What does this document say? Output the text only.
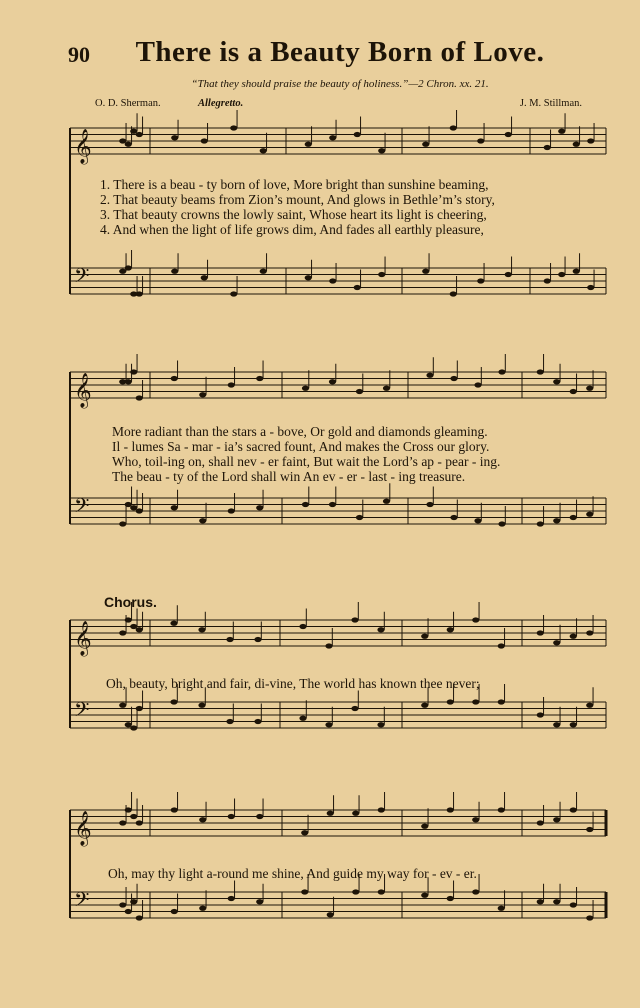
𝄞
𝄢
𝄞
𝄢
𝄞
𝄢
𝄞
𝄢
90 There is a Beauty Born of Love.
“That they should praise the beauty of holiness.”—2 Chron. xx. 21.
O. D. Sherman.	Allegretto.	J. M. Stillman.
1. There is a beau - ty born of love, More bright than sunshine beaming,
2. That beauty beams from Zion’s mount, And glows in Bethle’m’s story,
3. That beauty crowns the lowly saint, Whose heart its light is cheering,
4. And when the light of life grows dim, And fades all earthly pleasure,
More radiant than the stars a - bove, Or gold and diamonds gleaming.
Il - lumes Sa - mar - ia’s sacred fount, And makes the Cross our glory.
Who, toil-ing on, shall nev - er faint, But wait the Lord’s ap - pear - ing.
The beau - ty of the Lord shall win An ev - er - last - ing treasure.
Chorus.
Oh, beauty, bright and fair, di-vine, The world has known thee never;
Oh, may thy light a-round me shine, And guide my way for - ev - er.
